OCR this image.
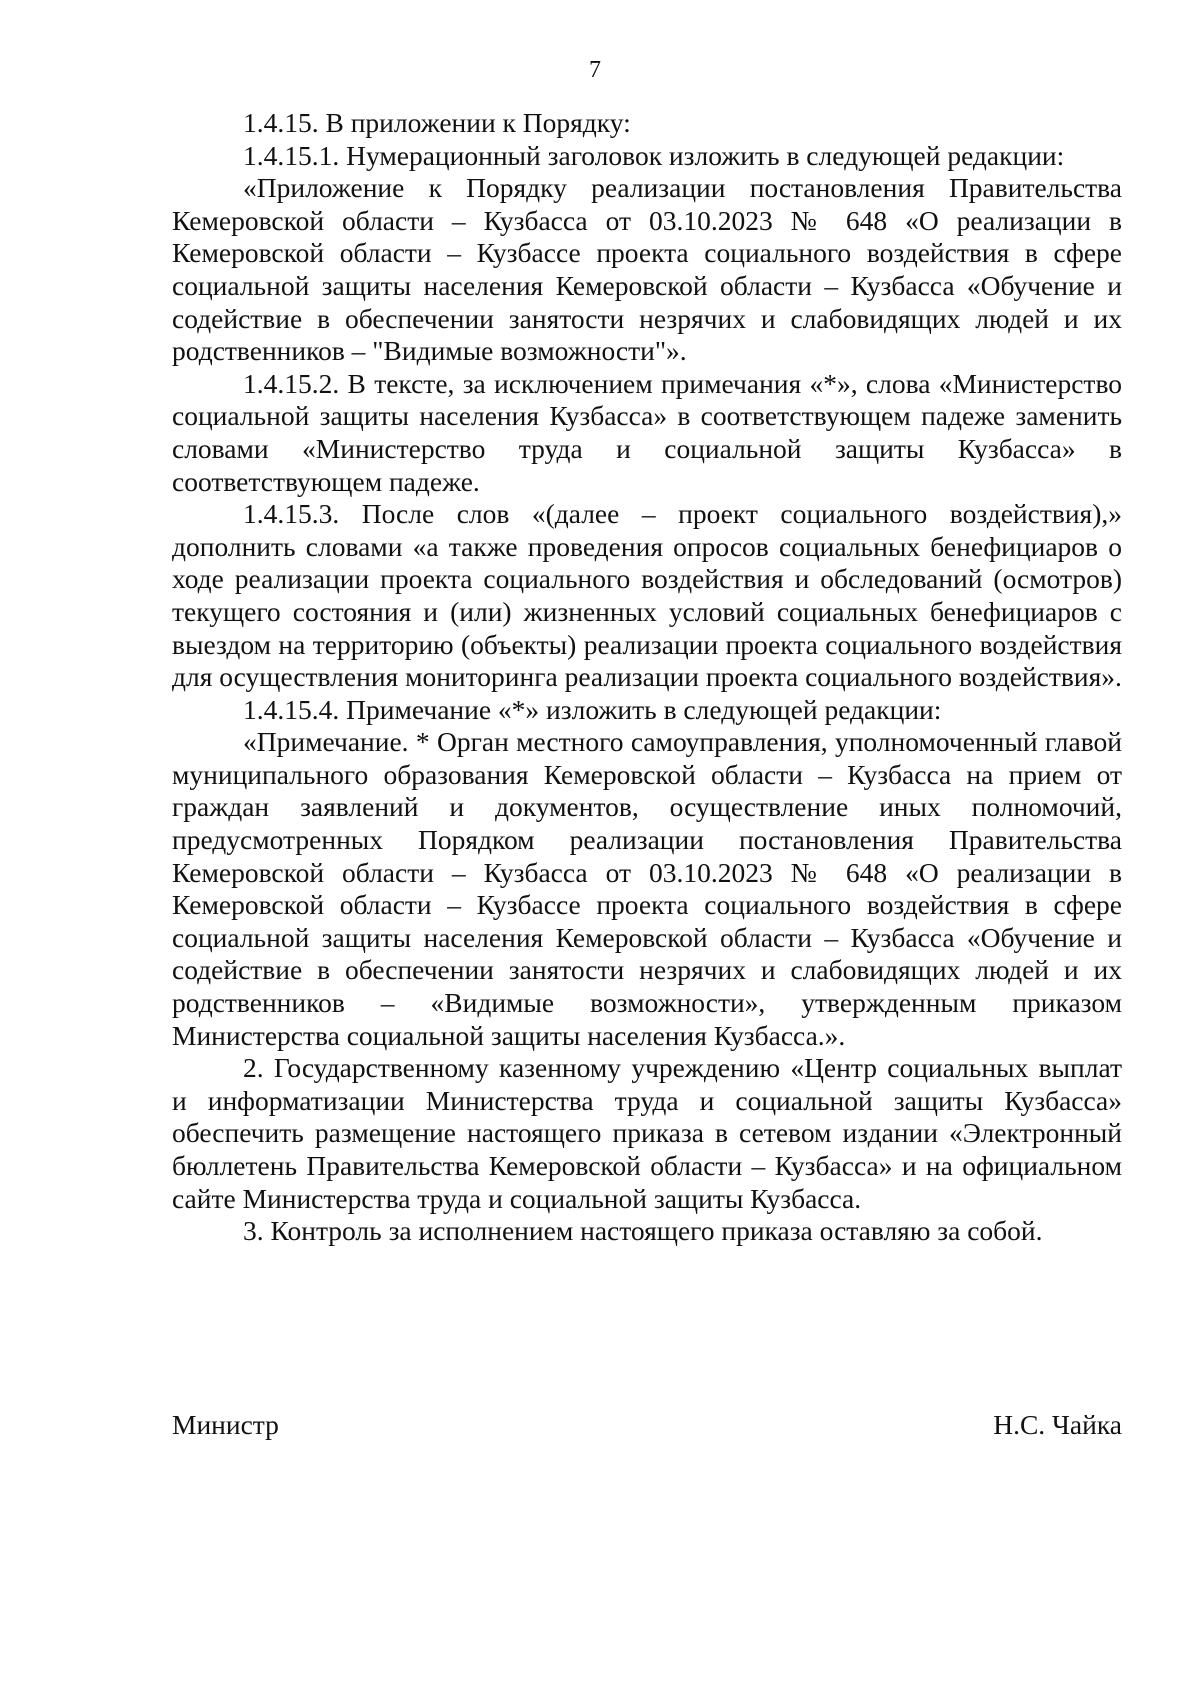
7

1.4.15. В приложении к Порядку:

1.4.15.1. Нумерационный заголовок изложить в следующей редакции:

«Приложение к Порядку реализации постановления Правительства Кемеровской области – Кузбасса от 03.10.2023 № 648 «О реализации в Кемеровской области – Кузбассе проекта социального воздействия в сфере социальной защиты населения Кемеровской области – Кузбасса «Обучение и содействие в обеспечении занятости незрячих и слабовидящих людей и их родственников – "Видимые возможности"».

1.4.15.2. В тексте, за исключением примечания «*», слова «Министерство социальной защиты населения Кузбасса» в соответствующем падеже заменить словами «Министерство труда и социальной защиты Кузбасса» в соответствующем падеже.

1.4.15.3. После слов «(далее – проект социального воздействия),» дополнить словами «а также проведения опросов социальных бенефициаров о ходе реализации проекта социального воздействия и обследований (осмотров) текущего состояния и (или) жизненных условий социальных бенефициаров с выездом на территорию (объекты) реализации проекта социального воздействия для осуществления мониторинга реализации проекта социального воздействия».

1.4.15.4. Примечание «*» изложить в следующей редакции:

«Примечание. * Орган местного самоуправления, уполномоченный главой муниципального образования Кемеровской области – Кузбасса на прием от граждан заявлений и документов, осуществление иных полномочий, предусмотренных Порядком реализации постановления Правительства Кемеровской области – Кузбасса от 03.10.2023 № 648 «О реализации в Кемеровской области – Кузбассе проекта социального воздействия в сфере социальной защиты населения Кемеровской области – Кузбасса «Обучение и содействие в обеспечении занятости незрячих и слабовидящих людей и их родственников – «Видимые возможности», утвержденным приказом Министерства социальной защиты населения Кузбасса.».

2. Государственному казенному учреждению «Центр социальных выплат и информатизации Министерства труда и социальной защиты Кузбасса» обеспечить размещение настоящего приказа в сетевом издании «Электронный бюллетень Правительства Кемеровской области – Кузбасса» и на официальном сайте Министерства труда и социальной защиты Кузбасса.

3. Контроль за исполнением настоящего приказа оставляю за собой.

Министр	Н.С. Чайка
